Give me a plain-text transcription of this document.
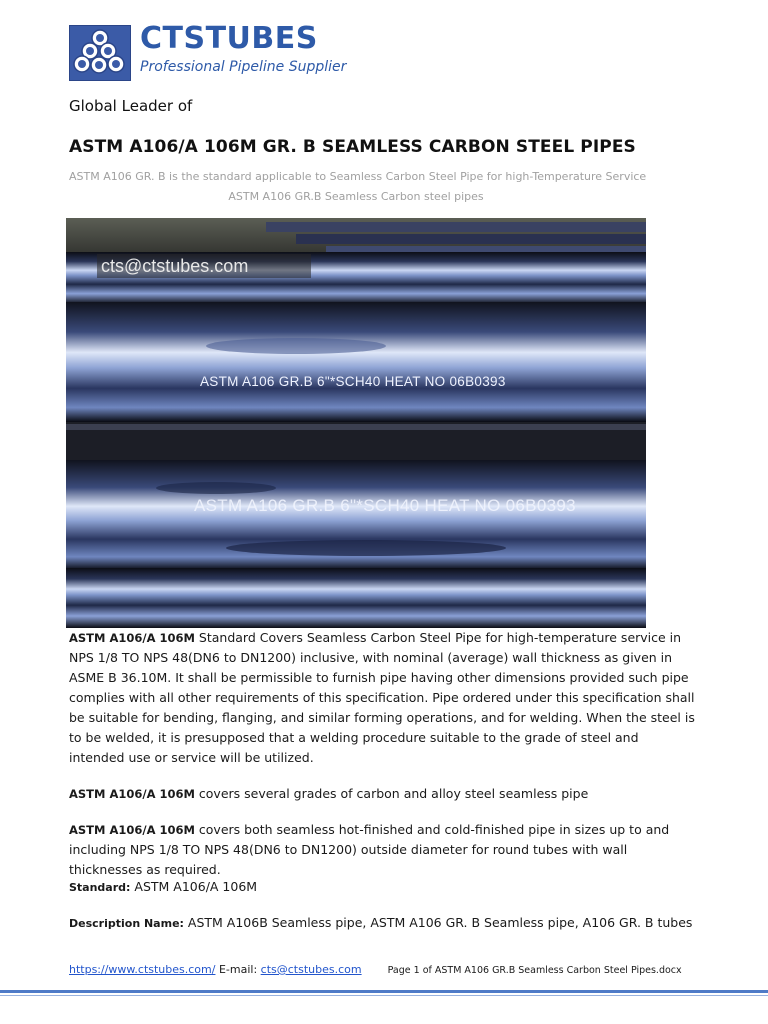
CTSTUBES
Professional Pipeline Supplier
Global Leader of
ASTM A106/A 106M GR. B SEAMLESS CARBON STEEL PIPES
ASTM A106 GR. B is the standard applicable to Seamless Carbon Steel Pipe for high-Temperature Service
ASTM A106 GR.B Seamless Carbon steel pipes
cts@ctstubes.com
ASTM A106 GR.B 6"*SCH40 HEAT NO 06B0393
ASTM A106 GR.B 6"*SCH40 HEAT NO 06B0393
ASTM A106/A 106M Standard Covers Seamless Carbon Steel Pipe for high-temperature service in NPS 1/8 TO NPS 48(DN6 to DN1200) inclusive, with nominal (average) wall thickness as given in ASME B 36.10M. It shall be permissible to furnish pipe having other dimensions provided such pipe complies with all other requirements of this specification. Pipe ordered under this specification shall be suitable for bending, flanging, and similar forming operations, and for welding. When the steel is to be welded, it is presupposed that a welding procedure suitable to the grade of steel and intended use or service will be utilized.
ASTM A106/A 106M covers several grades of carbon and alloy steel seamless pipe
ASTM A106/A 106M covers both seamless hot-finished and cold-finished pipe in sizes up to and including NPS 1/8 TO NPS 48(DN6 to DN1200) outside diameter for round tubes with wall thicknesses as required.
Standard: ASTM A106/A 106M
Description Name: ASTM A106B Seamless pipe, ASTM A106 GR. B Seamless pipe, A106 GR. B tubes
https://www.ctstubes.com/ E-mail: cts@ctstubes.com	Page 1 of ASTM A106 GR.B Seamless Carbon Steel Pipes.docx
